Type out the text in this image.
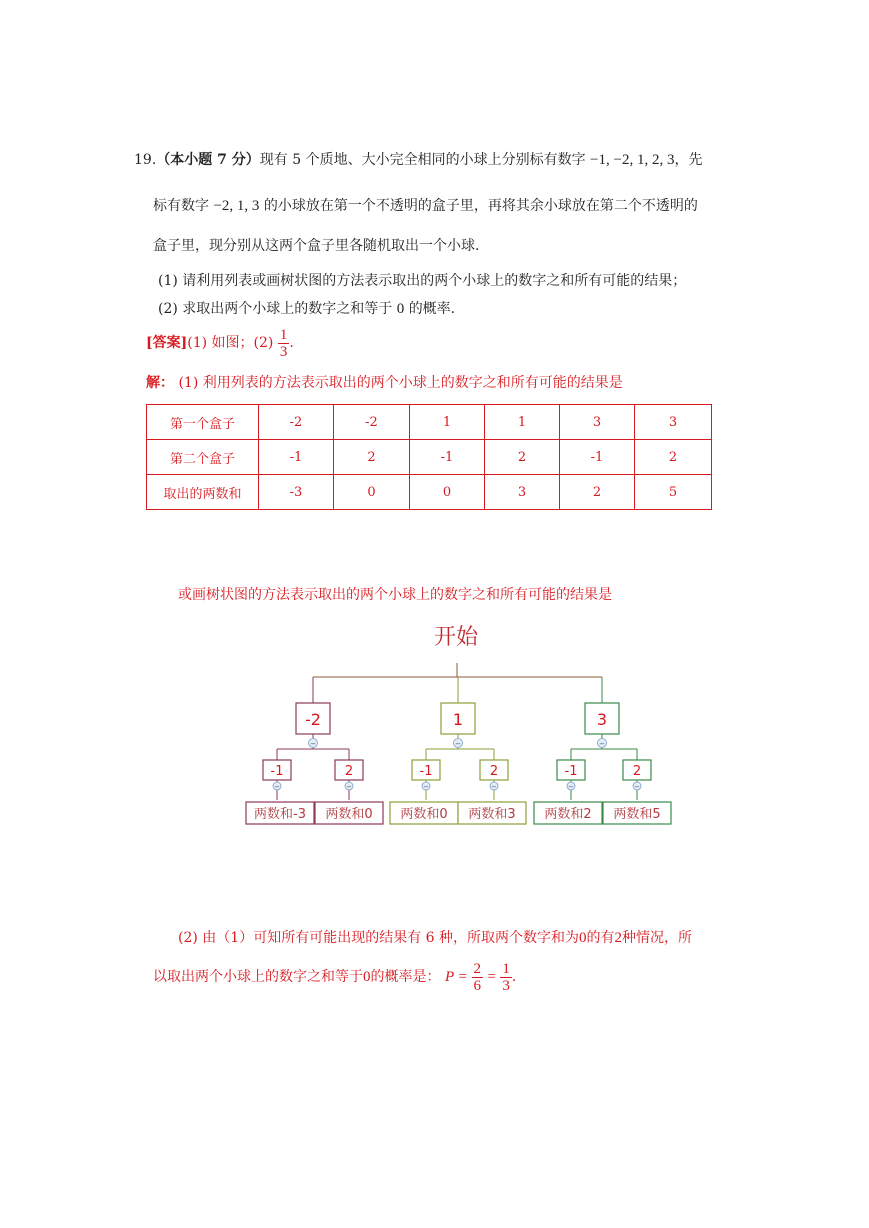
19.（本小题 7 分）现有 5 个质地、大小完全相同的小球上分别标有数字 −1, −2, 1, 2, 3，先
标有数字 −2, 1, 3 的小球放在第一个不透明的盒子里，再将其余小球放在第二个不透明的
盒子里，现分别从这两个盒子里各随机取出一个小球.
(1) 请利用列表或画树状图的方法表示取出的两个小球上的数字之和所有可能的结果；
(2) 求取出两个小球上的数字之和等于 0 的概率.
[答案](1) 如图；$(2) \frac{1}{3}$ .
解： (1) 利用列表的方法表示取出的两个小球上的数字之和所有可能的结果是
第一个盒子	-2	-2	1	1	3	3
第二个盒子	-1	2	-1	2	-1	2
取出的两数和	-3	0	0	3	2	5
或画树状图的方法表示取出的两个小球上的数字之和所有可能的结果是
开始
-2
−
-1
−
两数和-3
2
−
两数和0
1
−
-1
−
两数和0
2
−
两数和3
3
−
-1
−
两数和2
2
−
两数和5
(2) 由（1）可知所有可能出现的结果有 6 种，所取两个数字和为0的有2种情况，所
以取出两个小球上的数字之和等于0的概率是： $P = \frac{2}{6} = \frac{1}{3}$ .
